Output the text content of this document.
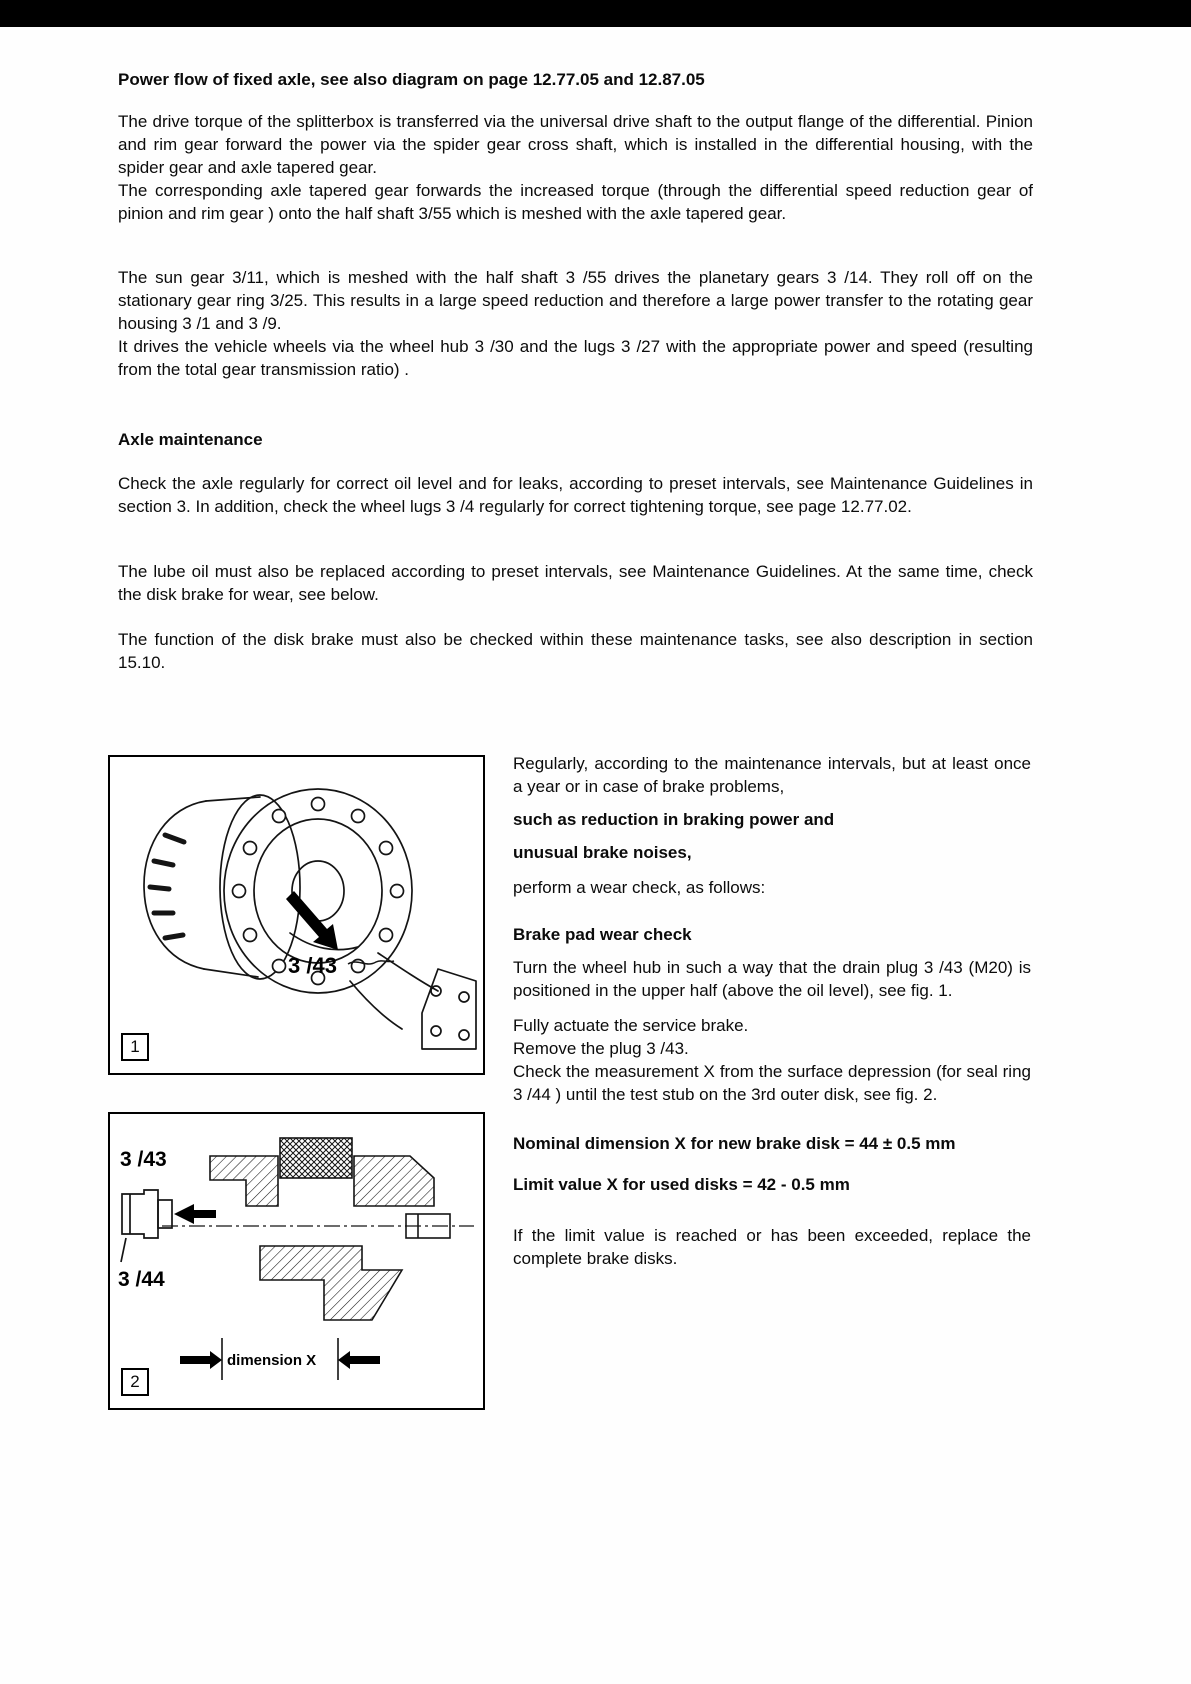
Power flow of fixed axle, see also diagram on page 12.77.05 and 12.87.05
The drive torque of the splitterbox is transferred via the universal drive shaft to the output flange of the differential. Pinion and rim gear forward the power via the spider gear cross shaft, which is installed in the differential housing, with the spider gear and axle tapered gear.
The corresponding axle tapered gear forwards the increased torque (through the differential speed reduction gear of pinion and rim gear ) onto the half shaft 3/55 which is meshed with the axle tapered gear.
The sun gear 3/11, which is meshed with the half shaft 3 /55 drives the planetary gears 3 /14. They roll off on the stationary gear ring 3/25. This results in a large speed reduction and therefore a large power transfer to the rotating gear housing 3 /1 and 3 /9.
It drives the vehicle wheels via the wheel hub 3 /30 and the lugs 3 /27 with the appropriate power and speed (resulting from the total gear transmission ratio) .
Axle maintenance
Check the axle regularly for correct oil level and for leaks, according to preset intervals, see Maintenance Guidelines in section 3. In addition, check the wheel lugs 3 /4 regularly for correct tightening torque, see page 12.77.02.
The lube oil must also be replaced according to preset intervals, see Maintenance Guidelines. At the same time, check the disk brake for wear, see below.
The function of the disk brake must also be checked within these maintenance tasks, see also description in section 15.10.
3 /43
1
3 /43
3 /44
dimension X
2
Regularly, according to the maintenance intervals, but at least once a year or in case of brake problems,
such as reduction in braking power and
unusual brake noises,
perform a wear check, as follows:
Brake pad wear check
Turn the wheel hub in such a way that the drain plug 3 /43 (M20) is positioned in the upper half (above the oil level), see fig. 1.
Fully actuate the service brake.
Remove the plug 3 /43.
Check the measurement X from the surface depression (for seal ring 3 /44 ) until the test stub on the 3rd outer disk, see fig. 2.
Nominal dimension X for new brake disk = 44 ± 0.5 mm
Limit value X for used disks = 42 - 0.5 mm
If the limit value is reached or has been exceeded, replace the complete brake disks.
